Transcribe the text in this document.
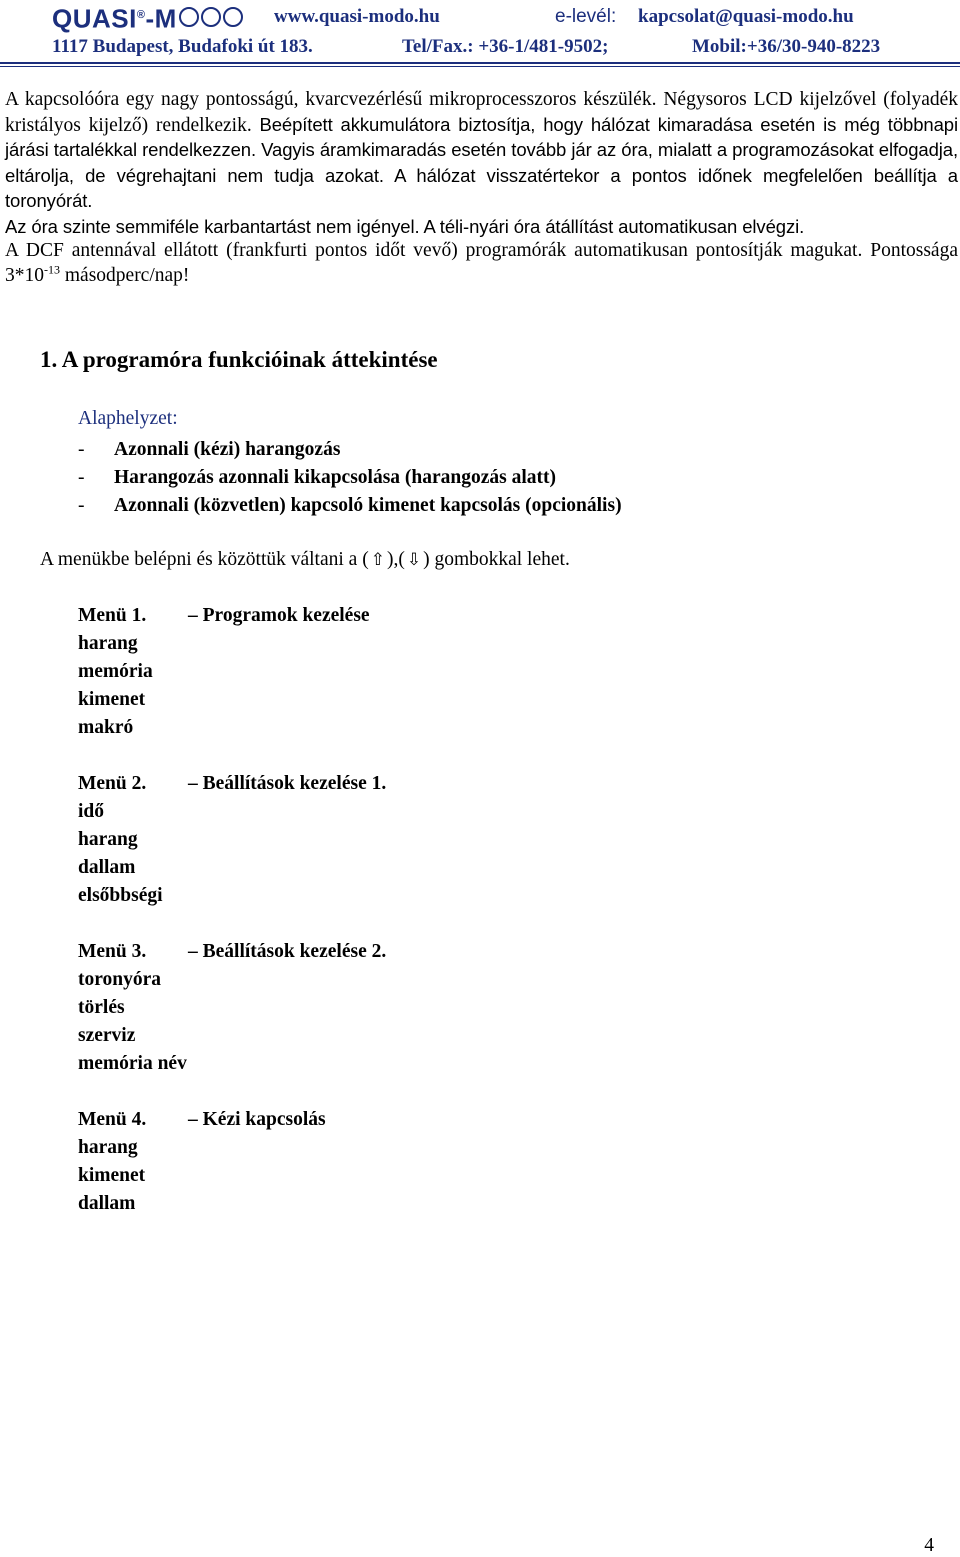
QUASI®-M	www.quasi-modo.hu	e-levél: kapcsolat@quasi-modo.hu
1117 Budapest, Budafoki út 183.	Tel/Fax.: +36-1/481-9502;	Mobil:+36/30-940-8223

A kapcsolóóra egy nagy pontosságú, kvarcvezérlésű mikroprocesszoros készülék. Négysoros LCD kijelzővel (folyadék kristályos kijelző) rendelkezik. Beépített akkumulátora biztosítja, hogy hálózat kimaradása esetén is még többnapi járási tartalékkal rendelkezzen. Vagyis áramkimaradás esetén tovább jár az óra, mialatt a programozásokat elfogadja, eltárolja, de végrehajtani nem tudja azokat. A hálózat visszatértekor a pontos időnek megfelelően beállítja a toronyórát.

Az óra szinte semmiféle karbantartást nem igényel. A téli-nyári óra átállítást automatikusan elvégzi.

A DCF antennával ellátott (frankfurti pontos időt vevő) programórák automatikusan pontosítják magukat. Pontossága $3*10^{-13}$ másodperc/nap!

1. A programóra funkcióinak áttekintése
Alaphelyzet:
- Azonnali (kézi) harangozás
- Harangozás azonnali kikapcsolása (harangozás alatt)
- Azonnali (közvetlen) kapcsoló kimenet kapcsolás (opcionális)
A menükbe belépni és közöttük váltani a ( ⇧ ),( ⇩ ) gombokkal lehet.
Menü 1. – Programok kezelése
harang
memória
kimenet
makró
Menü 2. – Beállítások kezelése 1.
idő
harang
dallam
elsőbbségi
Menü 3. – Beállítások kezelése 2.
toronyóra
törlés
szerviz
memória név
Menü 4. – Kézi kapcsolás
harang
kimenet
dallam
4
